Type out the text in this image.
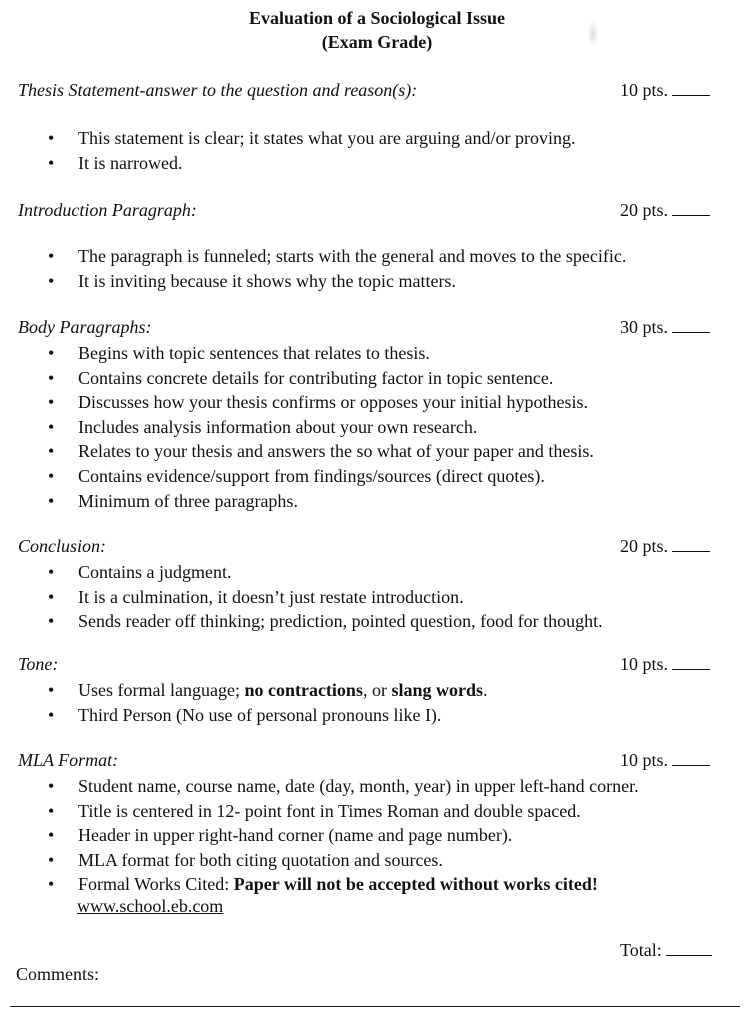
Evaluation of a Sociological Issue
(Exam Grade)
Thesis Statement-answer to the question and reason(s):	10 pts.
• This statement is clear; it states what you are arguing and/or proving.
• It is narrowed.
Introduction Paragraph:	20 pts.
• The paragraph is funneled; starts with the general and moves to the specific.
• It is inviting because it shows why the topic matters.
Body Paragraphs:	30 pts.
• Begins with topic sentences that relates to thesis.
• Contains concrete details for contributing factor in topic sentence.
• Discusses how your thesis confirms or opposes your initial hypothesis.
• Includes analysis information about your own research.
• Relates to your thesis and answers the so what of your paper and thesis.
• Contains evidence/support from findings/sources (direct quotes).
• Minimum of three paragraphs.
Conclusion:	20 pts.
• Contains a judgment.
• It is a culmination, it doesn’t just restate introduction.
• Sends reader off thinking; prediction, pointed question, food for thought.
Tone:	10 pts.
• Uses formal language; no contractions, or slang words.
• Third Person (No use of personal pronouns like I).
MLA Format:	10 pts.
• Student name, course name, date (day, month, year) in upper left-hand corner.
• Title is centered in 12- point font in Times Roman and double spaced.
• Header in upper right-hand corner (name and page number).
• MLA format for both citing quotation and sources.
• Formal Works Cited: Paper will not be accepted without works cited!
www.school.eb.com
Total:
Comments:
